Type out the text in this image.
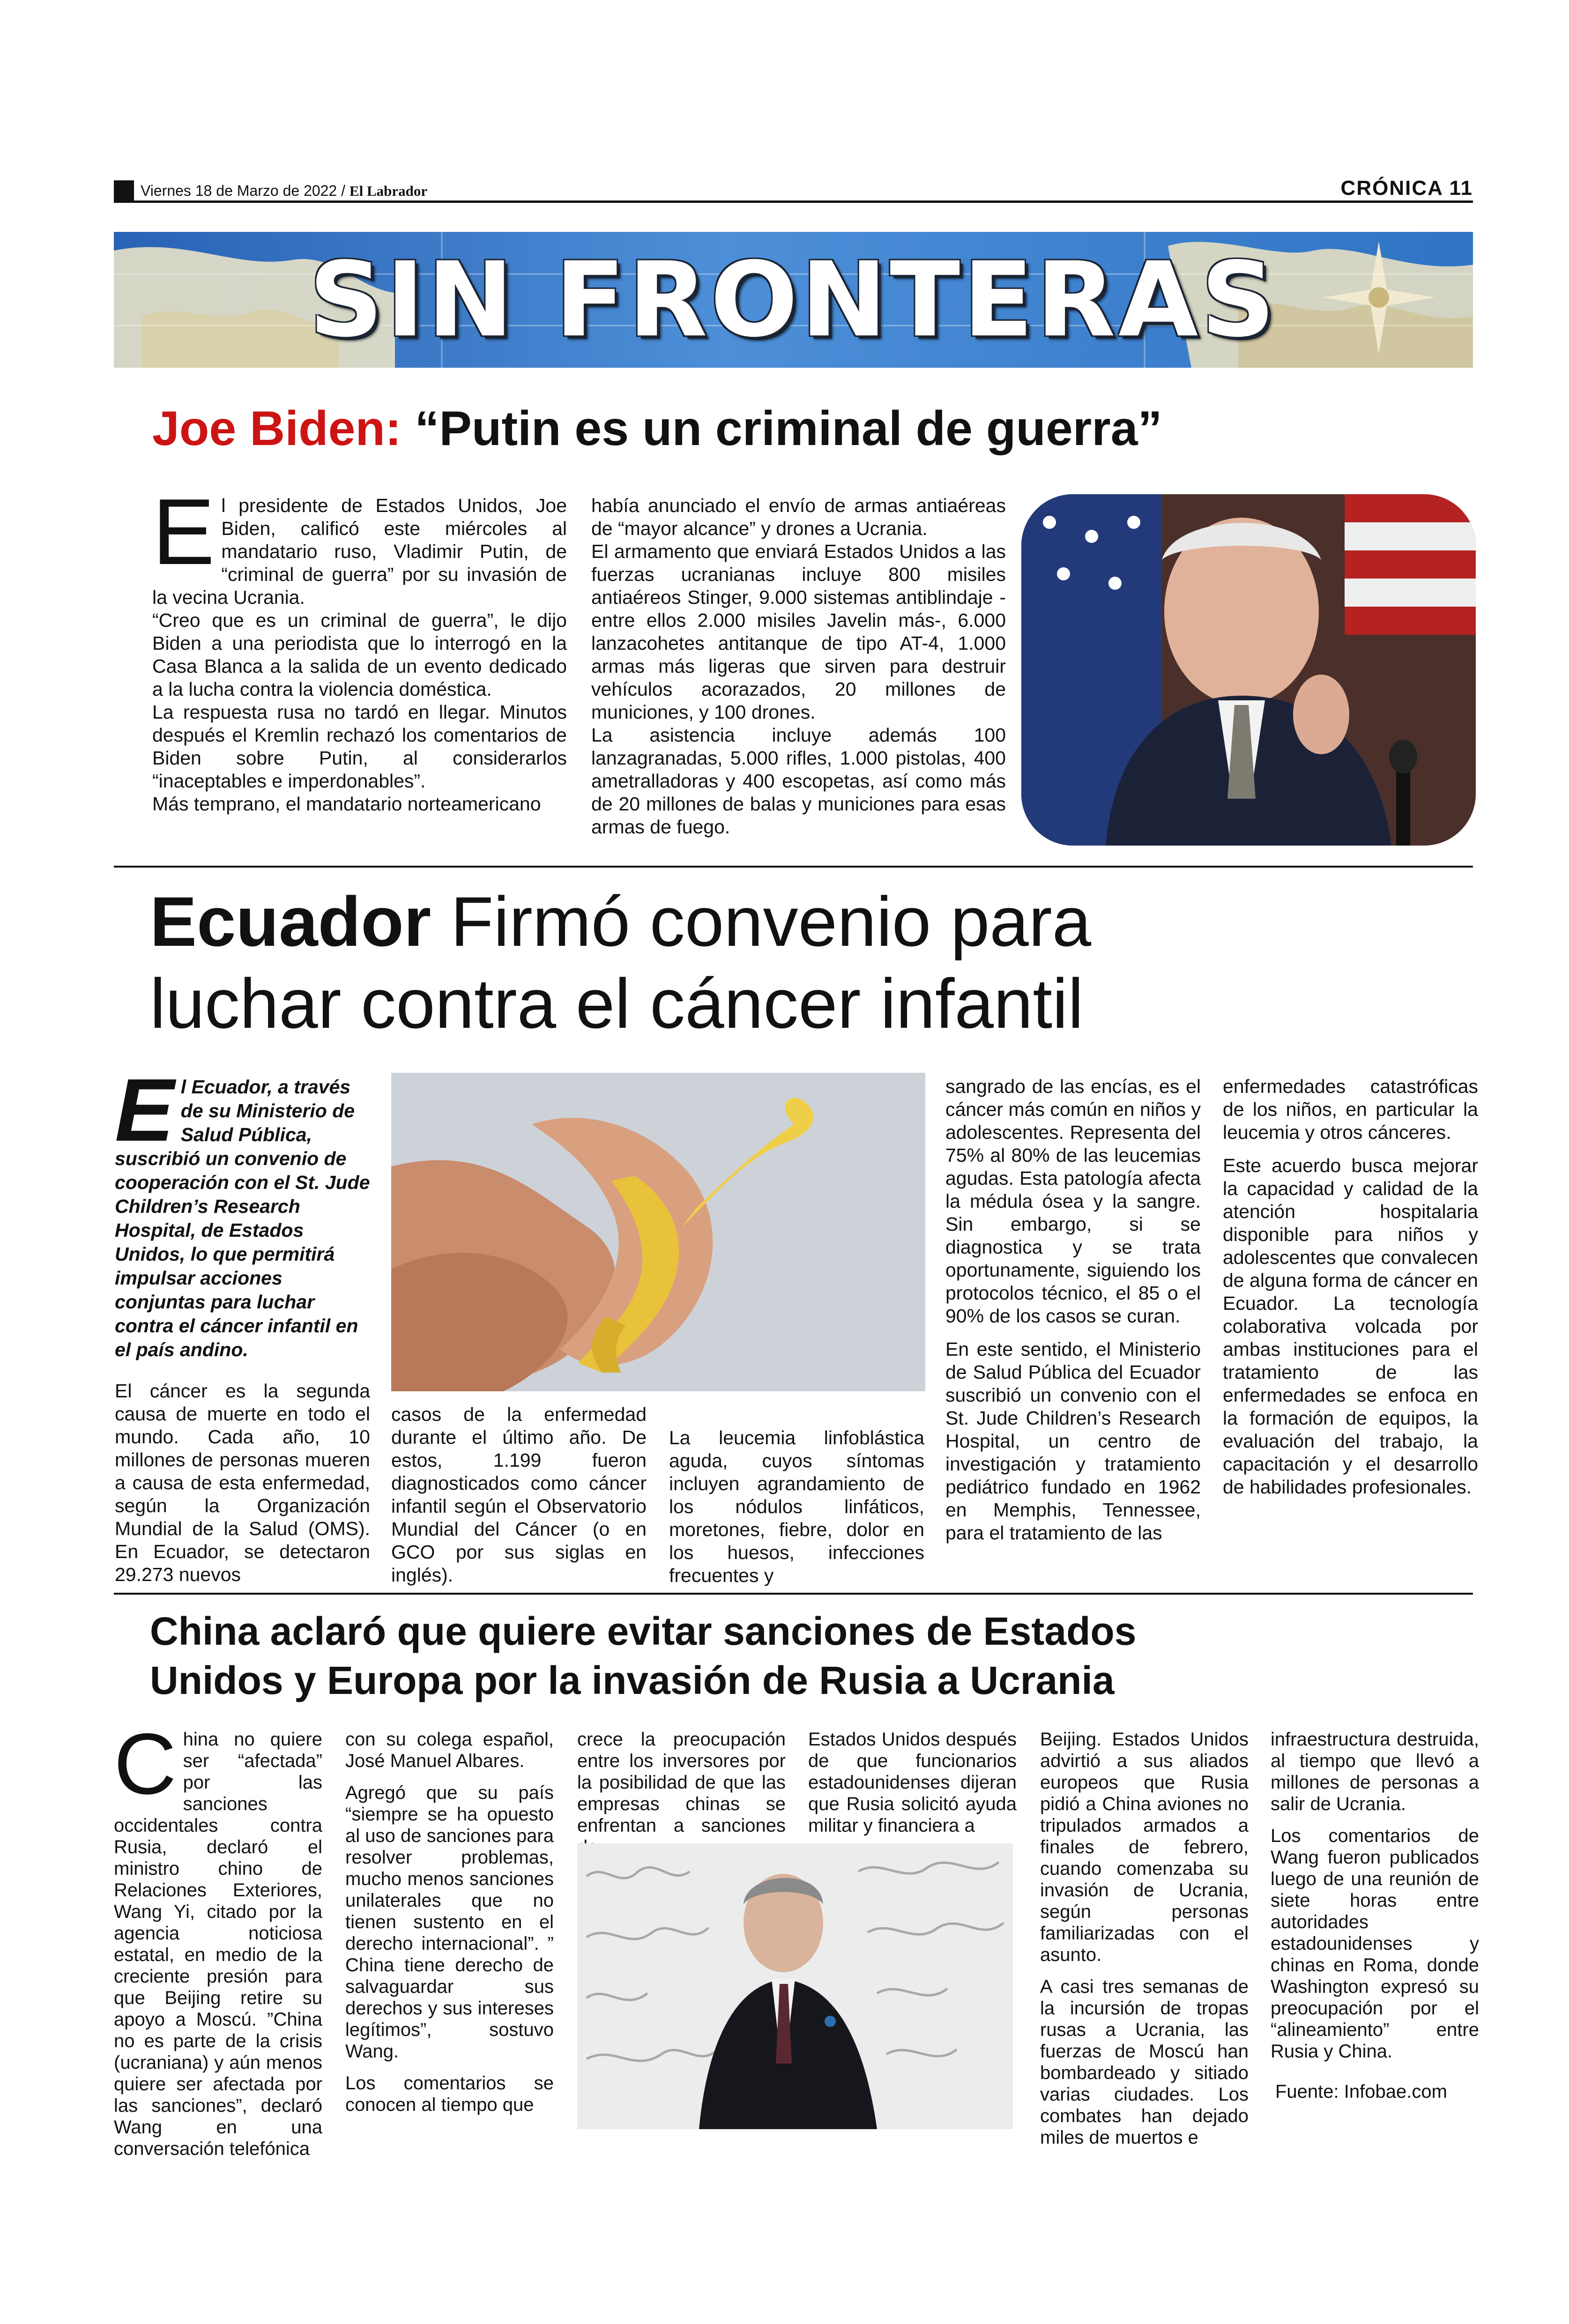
Viernes 18 de Marzo de 2022 / El Labrador	CRÓNICA 11
SIN FRONTERAS
Joe Biden: “Putin es un criminal de guerra”
E l presidente de Estados Unidos, Joe Biden, calificó este miércoles al mandatario ruso, Vladimir Putin, de “criminal de guerra” por su invasión de la vecina Ucrania.

“Creo que es un criminal de guerra”, le dijo Biden a una periodista que lo interrogó en la Casa Blanca a la salida de un evento dedicado a la lucha contra la violencia doméstica.

La respuesta rusa no tardó en llegar. Minutos después el Kremlin rechazó los comentarios de Biden sobre Putin, al considerarlos “inaceptables e imperdonables”.

Más temprano, el mandatario norteamericano

había anunciado el envío de armas antiaéreas de “mayor alcance” y drones a Ucrania.

El armamento que enviará Estados Unidos a las fuerzas ucranianas incluye 800 misiles antiaéreos Stinger, 9.000 sistemas antiblindaje -entre ellos 2.000 misiles Javelin más-, 6.000 lanzacohetes antitanque de tipo AT-4, 1.000 armas más ligeras que sirven para destruir vehículos acorazados, 20 millones de municiones, y 100 drones.

La asistencia incluye además 100 lanzagranadas, 5.000 rifles, 1.000 pistolas, 400 ametralladoras y 400 escopetas, así como más de 20 millones de balas y municiones para esas armas de fuego.

Ecuador Firmó convenio para
luchar contra el cáncer infantil
E l Ecuador, a través de su Ministerio de Salud Pública, suscribió un convenio de cooperación con el St. Jude Children’s Research Hospital, de Estados Unidos, lo que permitirá impulsar acciones conjuntas para luchar contra el cáncer infantil en el país andino.

El cáncer es la segunda causa de muerte en todo el mundo. Cada año, 10 millones de personas mueren a causa de esta enfermedad, según la Organización Mundial de la Salud (OMS). En Ecuador, se detectaron 29.273 nuevos

casos de la enfermedad durante el último año. De estos, 1.199 fueron diagnosticados como cáncer infantil según el Observatorio Mundial del Cáncer (o en GCO por sus siglas en inglés).

La leucemia linfoblástica aguda, cuyos síntomas incluyen agrandamiento de los nódulos linfáticos, moretones, fiebre, dolor en los huesos, infecciones frecuentes y

sangrado de las encías, es el cáncer más común en niños y adolescentes. Representa del 75% al 80% de las leucemias agudas. Esta patología afecta la médula ósea y la sangre. Sin embargo, si se diagnostica y se trata oportunamente, siguiendo los protocolos técnico, el 85 o el 90% de los casos se curan.

En este sentido, el Ministerio de Salud Pública del Ecuador suscribió un convenio con el St. Jude Children’s Research Hospital, un centro de investigación y tratamiento pediátrico fundado en 1962 en Memphis, Tennessee, para el tratamiento de las

enfermedades catastróficas de los niños, en particular la leucemia y otros cánceres.

Este acuerdo busca mejorar la capacidad y calidad de la atención hospitalaria disponible para niños y adolescentes que convalecen de alguna forma de cáncer en Ecuador. La tecnología colaborativa volcada por ambas instituciones para el tratamiento de las enfermedades se enfoca en la formación de equipos, la evaluación del trabajo, la capacitación y el desarrollo de habilidades profesionales.

China aclaró que quiere evitar sanciones de Estados
Unidos y Europa por la invasión de Rusia a Ucrania
C hina no quiere ser “afectada” por las sanciones occidentales contra Rusia, declaró el ministro chino de Relaciones Exteriores, Wang Yi, citado por la agencia noticiosa estatal, en medio de la creciente presión para que Beijing retire su apoyo a Moscú. ”China no es parte de la crisis (ucraniana) y aún menos quiere ser afectada por las sanciones”, declaró Wang en una conversación telefónica

con su colega español, José Manuel Albares.

Agregó que su país “siempre se ha opuesto al uso de sanciones para resolver problemas, mucho menos sanciones unilaterales que no tienen sustento en el derecho internacional”. ” China tiene derecho de salvaguardar sus derechos y sus intereses legítimos”, sostuvo Wang.

Los comentarios se conocen al tiempo que

crece la preocupación entre los inversores por la posibilidad de que las empresas chinas se enfrentan a sanciones

Estados Unidos después de que funcionarios estadounidenses dijeran que Rusia solicitó ayuda militar y financiera a

Beijing. Estados Unidos advirtió a sus aliados europeos que Rusia pidió a China aviones no tripulados armados a finales de febrero, cuando comenzaba su invasión de Ucrania, según personas familiarizadas con el asunto.

A casi tres semanas de la incursión de tropas rusas a Ucrania, las fuerzas de Moscú han bombardeado y sitiado varias ciudades. Los combates han dejado miles de muertos e

infraestructura destruida, al tiempo que llevó a millones de personas a salir de Ucrania.

Los comentarios de Wang fueron publicados luego de una reunión de siete horas entre autoridades estadounidenses y chinas en Roma, donde Washington expresó su preocupación por el “alineamiento” entre Rusia y China.

Fuente: Infobae.com
